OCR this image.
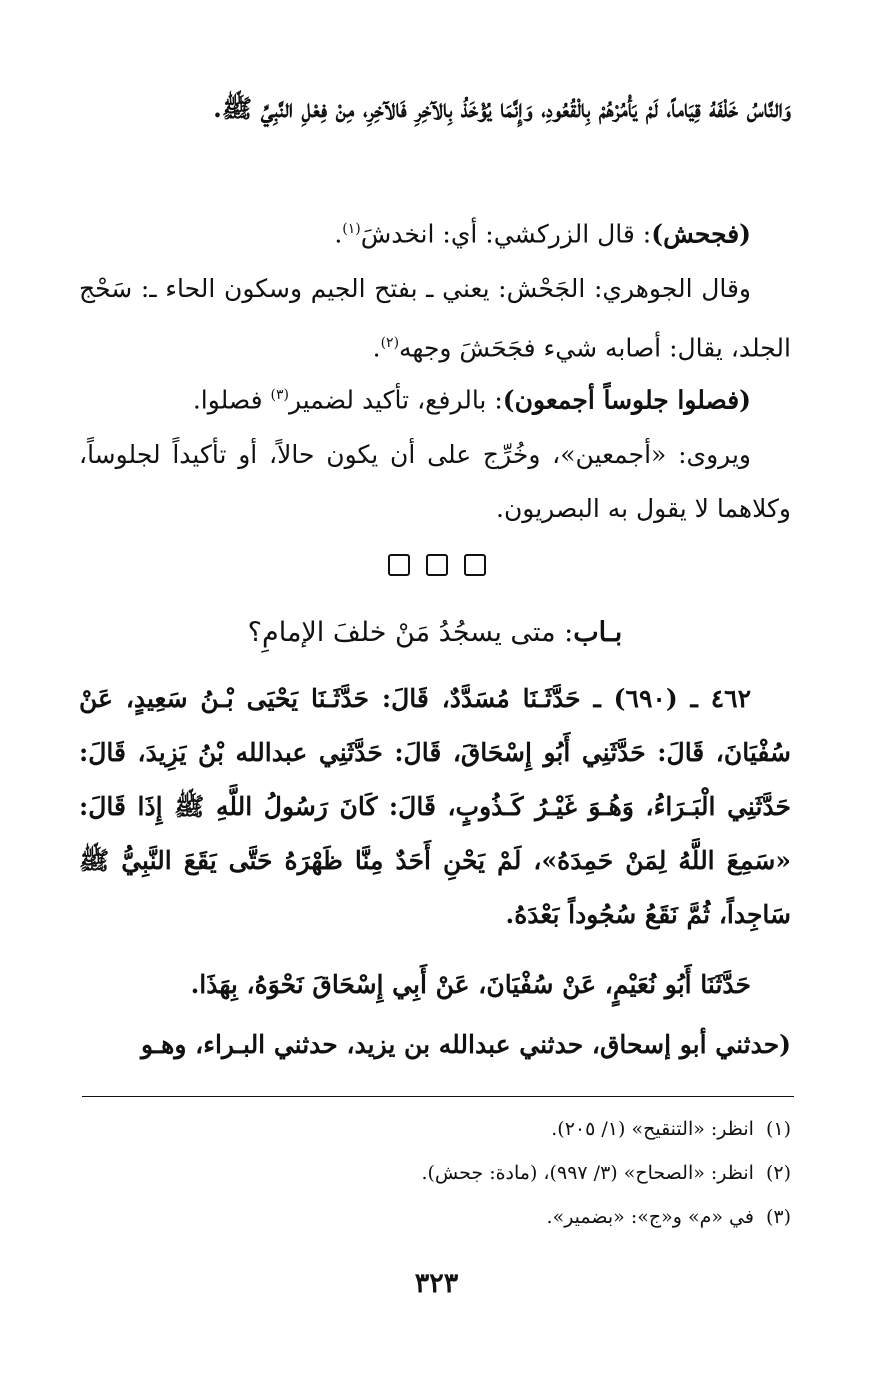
وَالنَّاسُ خَلْفَهُ قِيَاماً، لَمْ يَأْمُرْهُمْ بِالْقُعُودِ، وَإِنَّمَا يُؤْخَذُ بِالآخِرِ فَالآخِرِ، مِنْ فِعْلِ النَّبِيِّ ﷺ.

(فجحش): قال الزركشي: أي: انخدشَ$^{(١)}$.

وقال الجوهري: الجَحْش: يعني ـ بفتح الجيم وسكون الحاء ـ: سَحْج الجلد، يقال: أصابه شيء فجَحَشَ وجهه$^{(٢)}$.

(فصلوا جلوساً أجمعون): بالرفع، تأكيد لضمير$^{(٣)}$ فصلوا.

ويروى: «أجمعين»، وخُرِّج على أن يكون حالاً، أو تأكيداً لجلوساً، وكلاهما لا يقول به البصريون.

بـاب: متى يسجُدُ مَنْ خلفَ الإمامِ؟

٤٦٢ ـ (٦٩٠) ـ حَدَّثَـنَا مُسَدَّدٌ، قَالَ: حَدَّثَـنَا يَحْيَى بْـنُ سَعِيدٍ، عَنْ سُفْيَانَ، قَالَ: حَدَّثَنِي أَبُو إِسْحَاقَ، قَالَ: حَدَّثَنِي عبدالله بْنُ يَزِيدَ، قَالَ: حَدَّثَنِي الْبَـرَاءُ، وَهُـوَ غَيْـرُ كَـذُوبٍ، قَالَ: كَانَ رَسُولُ اللَّهِ ﷺ إِذَا قَالَ: «سَمِعَ اللَّهُ لِمَنْ حَمِدَهُ»، لَمْ يَحْنِ أَحَدٌ مِنَّا ظَهْرَهُ حَتَّى يَقَعَ النَّبِيُّ ﷺ سَاجِداً، ثُمَّ نَقَعُ سُجُوداً بَعْدَهُ.

حَدَّثَنَا أَبُو نُعَيْمٍ، عَنْ سُفْيَانَ، عَنْ أَبِي إِسْحَاقَ نَحْوَهُ، بِهَذَا.

(حدثني أبو إسحاق، حدثني عبدالله بن يزيد، حدثني البـراء، وهـو

(١)انظر: «التنقيح» (١/ ٢٠٥).
(٢)انظر: «الصحاح» (٣/ ٩٩٧)، (مادة: جحش).
(٣)في «م» و«ج»: «بضمير».
٣٢٣
